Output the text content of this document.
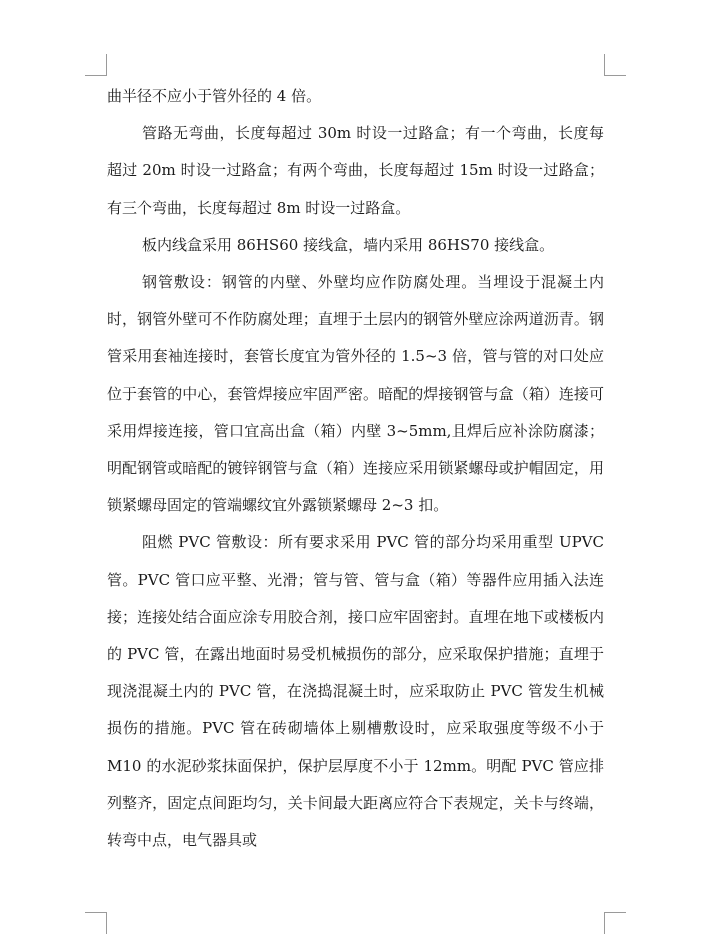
曲半径不应小于管外径的 4 倍。

管路无弯曲，长度每超过 30m 时设一过路盒；有一个弯曲，长度每超过 20m 时设一过路盒；有两个弯曲，长度每超过 15m 时设一过路盒；有三个弯曲，长度每超过 8m 时设一过路盒。

板内线盒采用 86HS60 接线盒，墙内采用 86HS70 接线盒。

钢管敷设：钢管的内壁、外壁均应作防腐处理。当埋设于混凝土内时，钢管外壁可不作防腐处理；直埋于土层内的钢管外壁应涂两道沥青。钢管采用套袖连接时，套管长度宜为管外径的 1.5~3 倍，管与管的对口处应位于套管的中心，套管焊接应牢固严密。暗配的焊接钢管与盒（箱）连接可采用焊接连接，管口宜高出盒（箱）内壁 3~5mm,且焊后应补涂防腐漆；明配钢管或暗配的镀锌钢管与盒（箱）连接应采用锁紧螺母或护帽固定，用锁紧螺母固定的管端螺纹宜外露锁紧螺母 2~3 扣。

阻燃 PVC 管敷设：所有要求采用 PVC 管的部分均采用重型 UPVC 管。PVC 管口应平整、光滑；管与管、管与盒（箱）等器件应用插入法连接；连接处结合面应涂专用胶合剂，接口应牢固密封。直埋在地下或楼板内的 PVC 管，在露出地面时易受机械损伤的部分，应采取保护措施；直埋于现浇混凝土内的 PVC 管，在浇捣混凝土时，应采取防止 PVC 管发生机械损伤的措施。PVC 管在砖砌墙体上剔槽敷设时，应采取强度等级不小于 M10 的水泥砂浆抹面保护，保护层厚度不小于 12mm。明配 PVC 管应排列整齐，固定点间距均匀，关卡间最大距离应符合下表规定，关卡与终端，转弯中点，电气器具或
